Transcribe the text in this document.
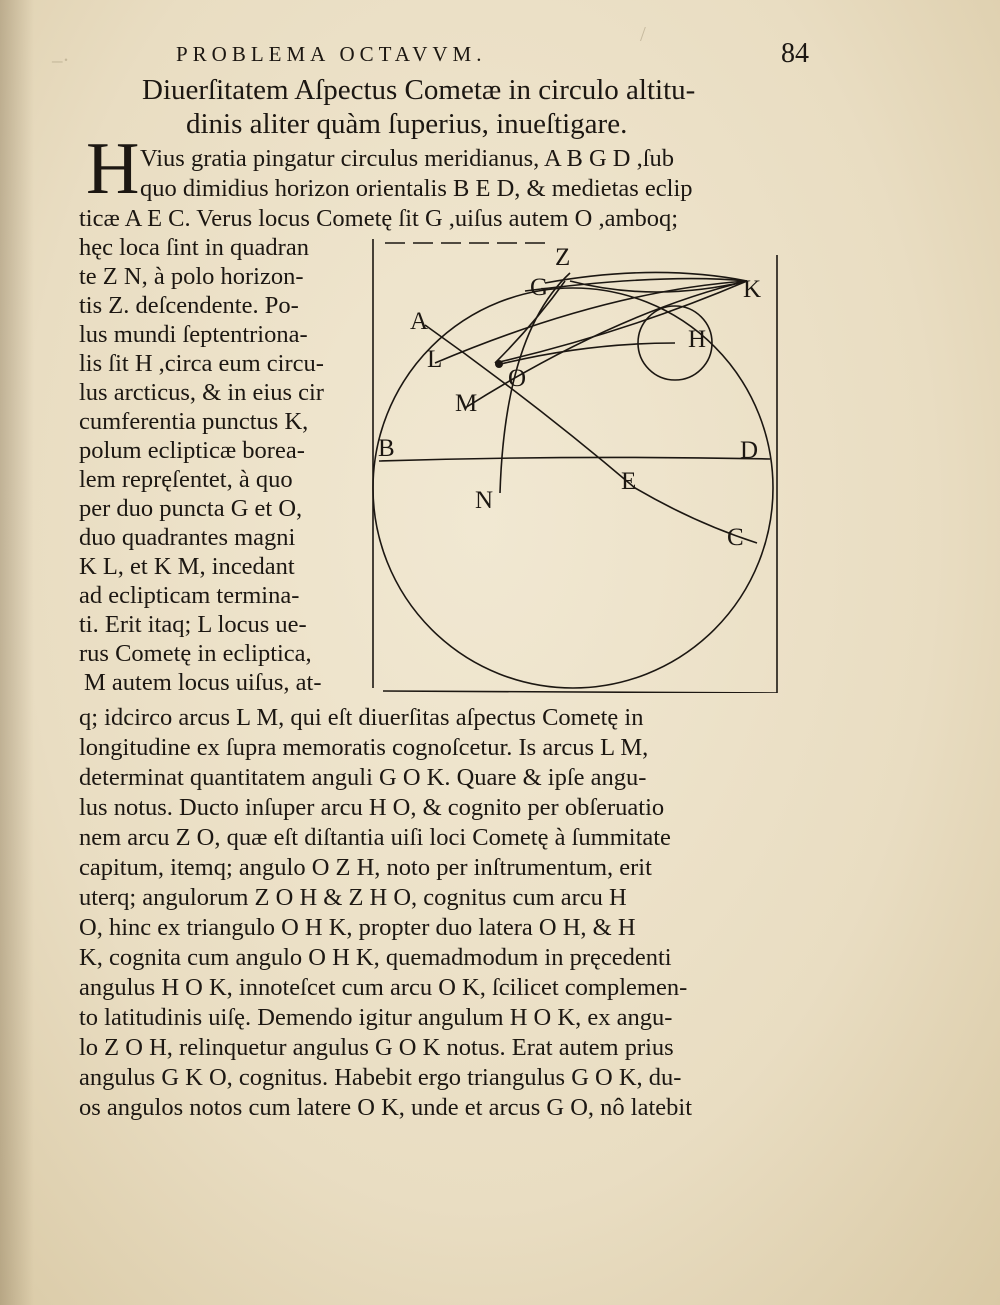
–·
/
PROBLEMA OCTAVVM.	84
Diuerſitatem Aſpectus Cometæ in circulo altitu-
dinis aliter quàm ſuperius, inueſtigare.
H Vius gratia pingatur circulus meridianus, A B G D ,ſub
quo dimidius horizon orientalis B E D, & medietas eclip
ticæ A E C. Verus locus Cometę ſit G ,uiſus autem O ,amboq;
hęc loca ſint in quadran
te Z N, à polo horizon-
tis Z. deſcendente. Po-
lus mundi ſeptentriona-
lis ſit H ,circa eum circu-
lus arcticus, & in eius cir
cumferentia punctus K,
polum eclipticæ borea-
lem repręſentet, à quo
per duo puncta G et O,
duo quadrantes magni
K L, et K M, incedant
ad eclipticam termina-
ti. Erit itaq; L locus ue-
rus Cometę in ecliptica,
M autem locus uiſus, at-
q; idcirco arcus L M, qui eſt diuerſitas aſpectus Cometę in
longitudine ex ſupra memoratis cognoſcetur. Is arcus L M,
determinat quantitatem anguli G O K. Quare & ipſe angu-
lus notus. Ducto inſuper arcu H O, & cognito per obſeruatio
nem arcu Z O, quæ eſt diſtantia uiſi loci Cometę à ſummitate
capitum, itemq; angulo O Z H, noto per inſtrumentum, erit
uterq; angulorum Z O H & Z H O, cognitus cum arcu H
O, hinc ex triangulo O H K, propter duo latera O H, & H
K, cognita cum angulo O H K, quemadmodum in pręcedenti
angulus H O K, innoteſcet cum arcu O K, ſcilicet complemen-
to latitudinis uiſę. Demendo igitur angulum H O K, ex angu-
lo Z O H, relinquetur angulus G O K notus. Erat autem prius
angulus G K O, cognitus. Habebit ergo triangulus G O K, du-
os angulos notos cum latere O K, unde et arcus G O, nô latebit
Z
G	K
A
H
L
O
M
B	D
E
N
C
